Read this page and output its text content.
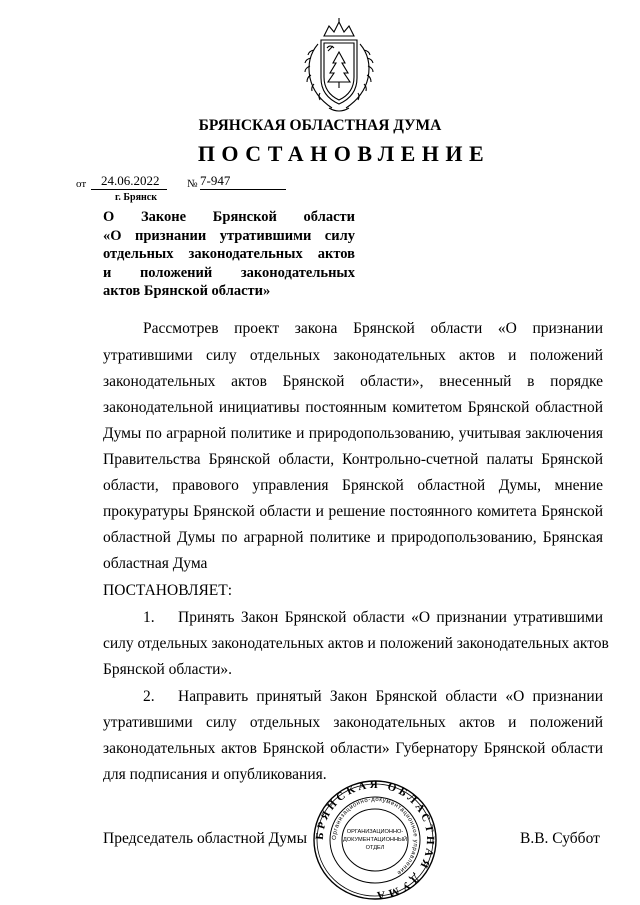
БРЯНСКАЯ ОБЛАСТНАЯ ДУМА
ПОСТАНОВЛЕНИЕ
от 24.06.2022	№ 7-947
г. Брянск
О Законе Брянской области
«О признании утратившими силу
отдельных законодательных актов
и положений законодательных
актов Брянской области»
Рассмотрев проект закона Брянской области «О признании
утратившими силу отдельных законодательных актов и положений
законодательных актов Брянской области», внесенный в порядке
законодательной инициативы постоянным комитетом Брянской областной
Думы по аграрной политике и природопользованию, учитывая заключения
Правительства Брянской области, Контрольно-счетной палаты Брянской
области, правового управления Брянской областной Думы, мнение
прокуратуры Брянской области и решение постоянного комитета Брянской
областной Думы по аграрной политике и природопользованию, Брянская
областная Дума
ПОСТАНОВЛЯЕТ:
1. Принять Закон Брянской области «О признании утратившими
силу отдельных законодательных актов и положений законодательных актов
Брянской области».
2. Направить принятый Закон Брянской области «О признании
утратившими силу отдельных законодательных актов и положений
законодательных актов Брянской области» Губернатору Брянской области
для подписания и опубликования.
Председатель областной Думы	В.В. Суббот
БРЯНСКАЯ ОБЛАСТНАЯ ДУМА
Организационно-документационное управление
ОРГАНИЗАЦИОННО-
ДОКУМЕНТАЦИОННЫЙ
ОТДЕЛ
